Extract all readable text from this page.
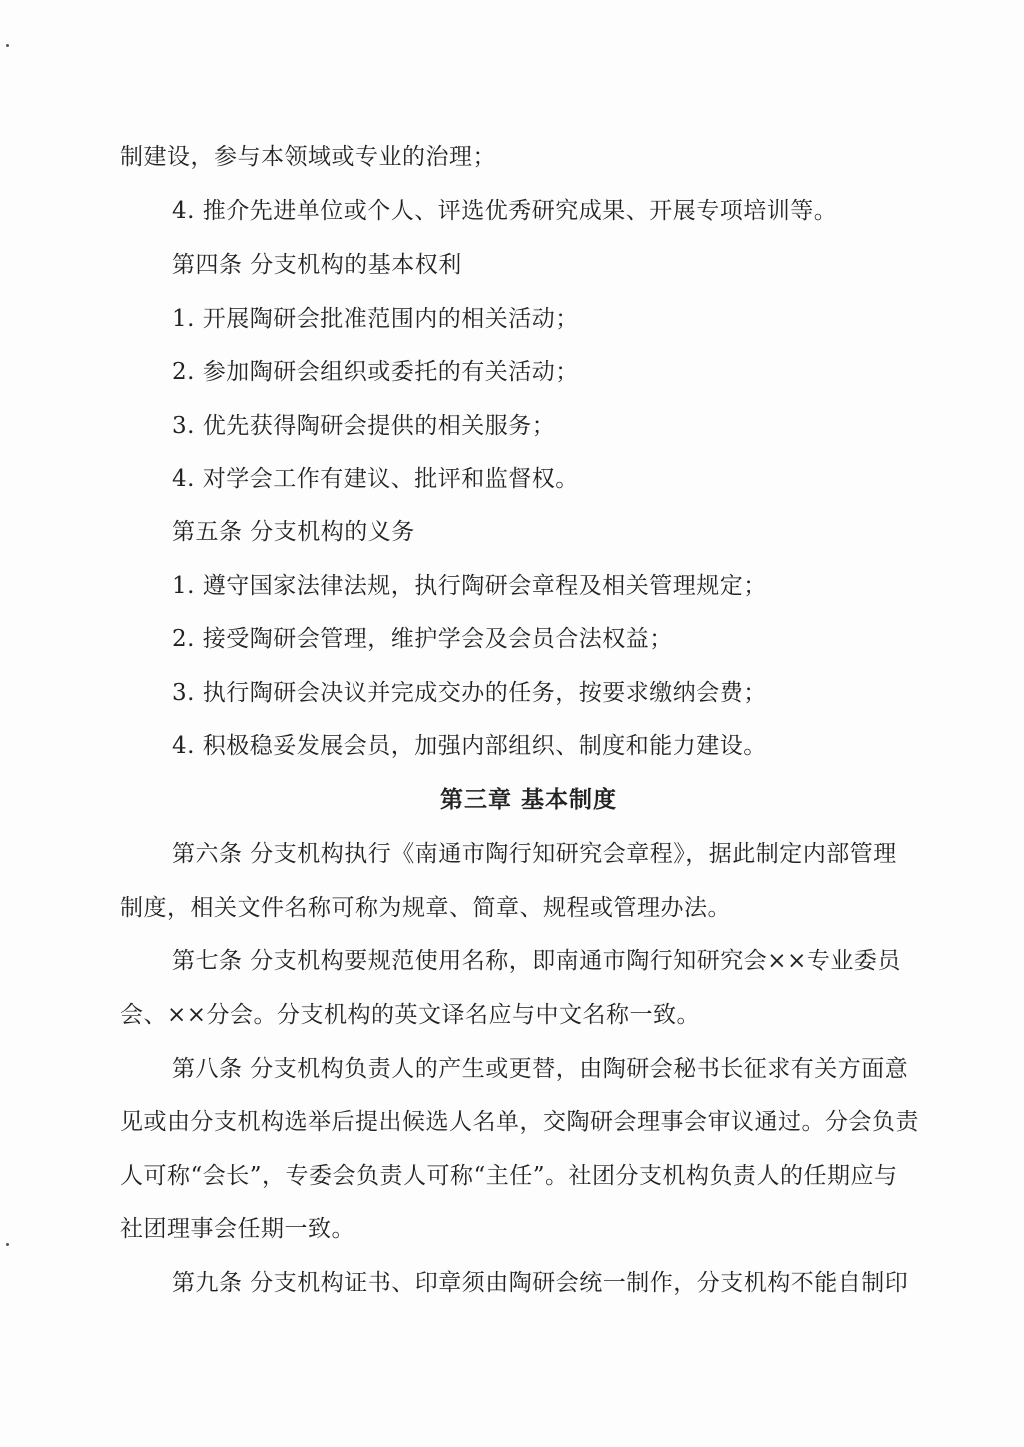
制建设，参与本领域或专业的治理；
4. 推介先进单位或个人、评选优秀研究成果、开展专项培训等。
第四条 分支机构的基本权利
1. 开展陶研会批准范围内的相关活动；
2. 参加陶研会组织或委托的有关活动；
3. 优先获得陶研会提供的相关服务；
4. 对学会工作有建议、批评和监督权。
第五条 分支机构的义务
1. 遵守国家法律法规，执行陶研会章程及相关管理规定；
2. 接受陶研会管理，维护学会及会员合法权益；
3. 执行陶研会决议并完成交办的任务，按要求缴纳会费；
4. 积极稳妥发展会员，加强内部组织、制度和能力建设。
第三章 基本制度
第六条 分支机构执行《南通市陶行知研究会章程》，据此制定内部管理
制度，相关文件名称可称为规章、简章、规程或管理办法。
第七条 分支机构要规范使用名称，即南通市陶行知研究会××专业委员
会、××分会。分支机构的英文译名应与中文名称一致。
第八条 分支机构负责人的产生或更替，由陶研会秘书长征求有关方面意
见或由分支机构选举后提出候选人名单，交陶研会理事会审议通过。分会负责
人可称“会长”，专委会负责人可称“主任”。社团分支机构负责人的任期应与
社团理事会任期一致。
第九条 分支机构证书、印章须由陶研会统一制作，分支机构不能自制印
